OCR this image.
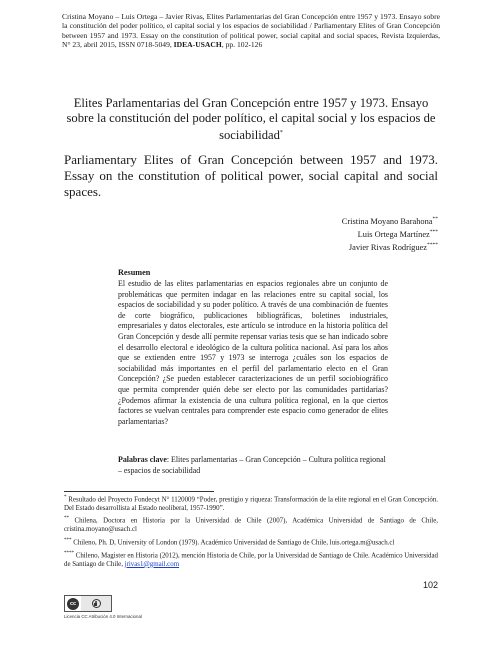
Cristina Moyano – Luis Ortega – Javier Rivas, Elites Parlamentarias del Gran Concepción entre 1957 y 1973. Ensayo sobre la constitución del poder político, el capital social y los espacios de sociabilidad / Parliamentary Elites of Gran Concepción between 1957 and 1973. Essay on the constitution of political power, social capital and social spaces, Revista Izquierdas, N° 23, abril 2015, ISSN 0718-5049, IDEA-USACH, pp. 102-126
Elites Parlamentarias del Gran Concepción entre 1957 y 1973. Ensayo sobre la constitución del poder político, el capital social y los espacios de sociabilidad*
Parliamentary Elites of Gran Concepción between 1957 and 1973. Essay on the constitution of political power, social capital and social spaces.
Cristina Moyano Barahona**
Luis Ortega Martínez***
Javier Rivas Rodríguez****

Resumen

El estudio de las elites parlamentarias en espacios regionales abre un conjunto de problemáticas que permiten indagar en las relaciones entre su capital social, los espacios de sociabilidad y su poder político. A través de una combinación de fuentes de corte biográfico, publicaciones bibliográficas, boletines industriales, empresariales y datos electorales, este artículo se introduce en la historia política del Gran Concepción y desde allí permite repensar varias tesis que se han indicado sobre el desarrollo electoral e ideológico de la cultura política nacional. Así para los años que se extienden entre 1957 y 1973 se interroga ¿cuáles son los espacios de sociabilidad más importantes en el perfil del parlamentario electo en el Gran Concepción? ¿Se pueden establecer caracterizaciones de un perfil sociobiográfico que permita comprender quién debe ser electo por las comunidades partidarias? ¿Podemos afirmar la existencia de una cultura política regional, en la que ciertos factores se vuelvan centrales para comprender este espacio como generador de elites parlamentarias?

Palabras clave: Elites parlamentarias – Gran Concepción – Cultura política regional – espacios de sociabilidad

* Resultado del Proyecto Fondecyt N° 1120009 “Poder, prestigio y riqueza: Transformación de la elite regional en el Gran Concepción. Del Estado desarrollista al Estado neoliberal, 1957-1990”.

** Chilena, Doctora en Historia por la Universidad de Chile (2007), Académica Universidad de Santiago de Chile, cristina.moyano@usach.cl

*** Chileno, Ph. D, University of London (1979). Académico Universidad de Santiago de Chile, luis.ortega.m@usach.cl

**** Chileno, Magister en Historia (2012), mención Historia de Chile, por la Universidad de Santiago de Chile. Académico Universidad de Santiago de Chile, jrivas1@gmail.com

102
cc
Licencia CC Atribución 4.0 Internacional
